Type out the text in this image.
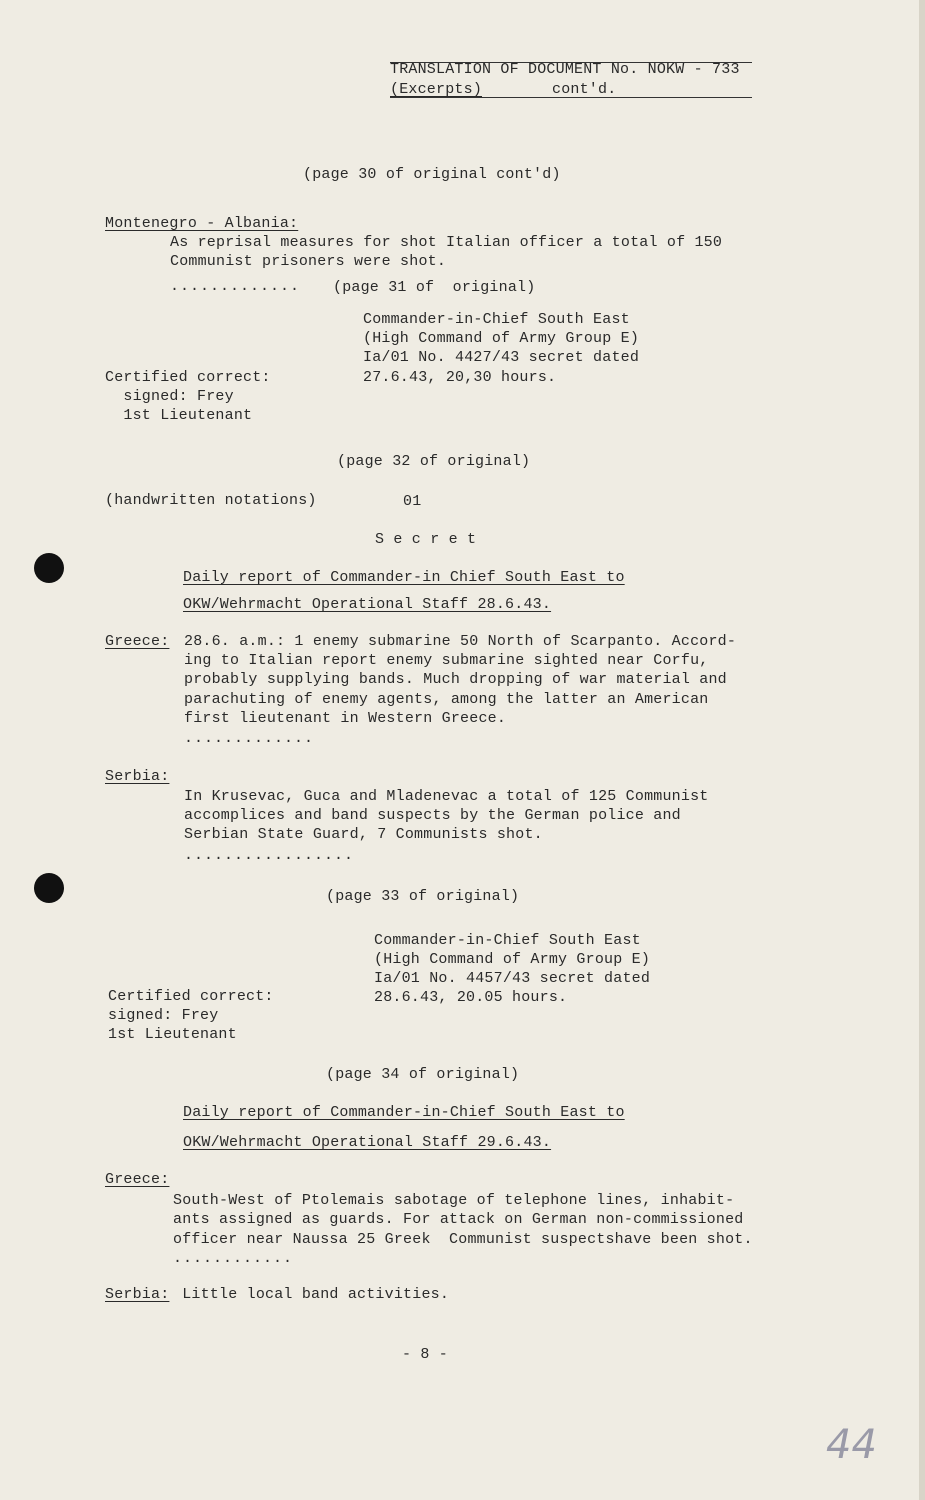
TRANSLATION OF DOCUMENT No. NOKW - 733
(Excerpts)	cont'd.
(page 30 of original cont'd)
Montenegro - Albania:
As reprisal measures for shot Italian officer a total of 150
Communist prisoners were shot.
............. (page 31 of  original)
Commander-in-Chief South East
(High Command of Army Group E)
Ia/01 No. 4427/43 secret dated
27.6.43, 20,30 hours.
Certified correct:
signed: Frey
1st Lieutenant
(page 32 of original)
(handwritten notations)	01
S e c r e t
Daily report of Commander-in Chief South East to
OKW/Wehrmacht Operational Staff 28.6.43.
Greece: 28.6. a.m.: 1 enemy submarine 50 North of Scarpanto. Accord-
ing to Italian report enemy submarine sighted near Corfu,
probably supplying bands. Much dropping of war material and
parachuting of enemy agents, among the latter an American
first lieutenant in Western Greece.
.............
Serbia:
In Krusevac, Guca and Mladenevac a total of 125 Communist
accomplices and band suspects by the German police and
Serbian State Guard, 7 Communists shot.
.................
(page 33 of original)
Commander-in-Chief South East
(High Command of Army Group E)
Ia/01 No. 4457/43 secret dated
28.6.43, 20.05 hours.
Certified correct:
signed: Frey
1st Lieutenant
(page 34 of original)
Daily report of Commander-in-Chief South East to
OKW/Wehrmacht Operational Staff 29.6.43.
Greece:
South-West of Ptolemais sabotage of telephone lines, inhabit-
ants assigned as guards. For attack on German non-commissioned
officer near Naussa 25 Greek  Communist suspectshave been shot.
............
Serbia: Little local band activities.
- 8 -
44
